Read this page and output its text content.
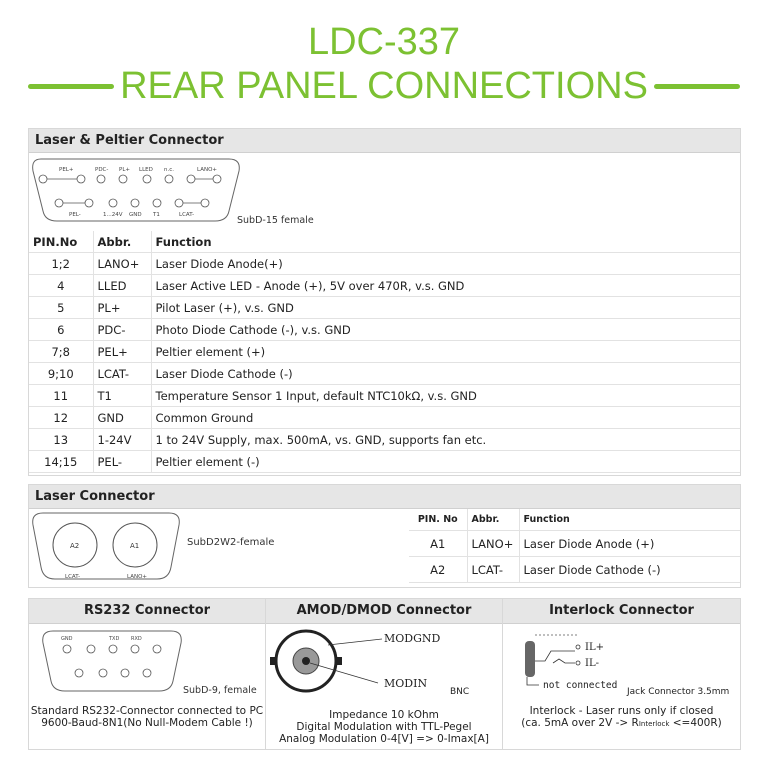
LDC-337
REAR PANEL CONNECTIONS
Laser & Peltier Connector
PEL+	PDC- PL+ LLED n.c.	LANO+
PEL-	1...24V GND T1	LCAT-	SubD-15 female
PIN.No	Abbr.	Function
1;2	LANO+	Laser Diode Anode(+)
4	LLED	Laser Active LED - Anode (+), 5V over 470R, v.s. GND
5	PL+	Pilot Laser (+), v.s. GND
6	PDC-	Photo Diode Cathode (-), v.s. GND
7;8	PEL+	Peltier element (+)
9;10	LCAT-	Laser Diode Cathode (-)
11	T1	Temperature Sensor 1 Input, default NTC10kΩ, v.s. GND
12	GND	Common Ground
13	1-24V	1 to 24V Supply, max. 500mA, vs. GND, supports fan etc.
14;15	PEL-	Peltier element (-)
Laser Connector
A2	A1
LCAT-	LANO+
SubD2W2-female
PIN. No	Abbr.	Function
A1	LANO+	Laser Diode Anode (+)
A2	LCAT-	Laser Diode Cathode (-)
RS232 Connector
GND	TXD RXD
SubD-9, female
Standard RS232-Connector connected to PC
9600-Baud-8N1(No Null-Modem Cable !)
AMOD/DMOD Connector
MODGND
MODIN
BNC
Impedance 10 kOhm
Digital Modulation with TTL-Pegel
Analog Modulation 0-4[V] => 0-Imax[A]
Interlock Connector
IL+
IL-
not connected
Jack Connector 3.5mm
Interlock - Laser runs only if closed
(ca. 5mA over 2V -> RInterlock <=400R)
